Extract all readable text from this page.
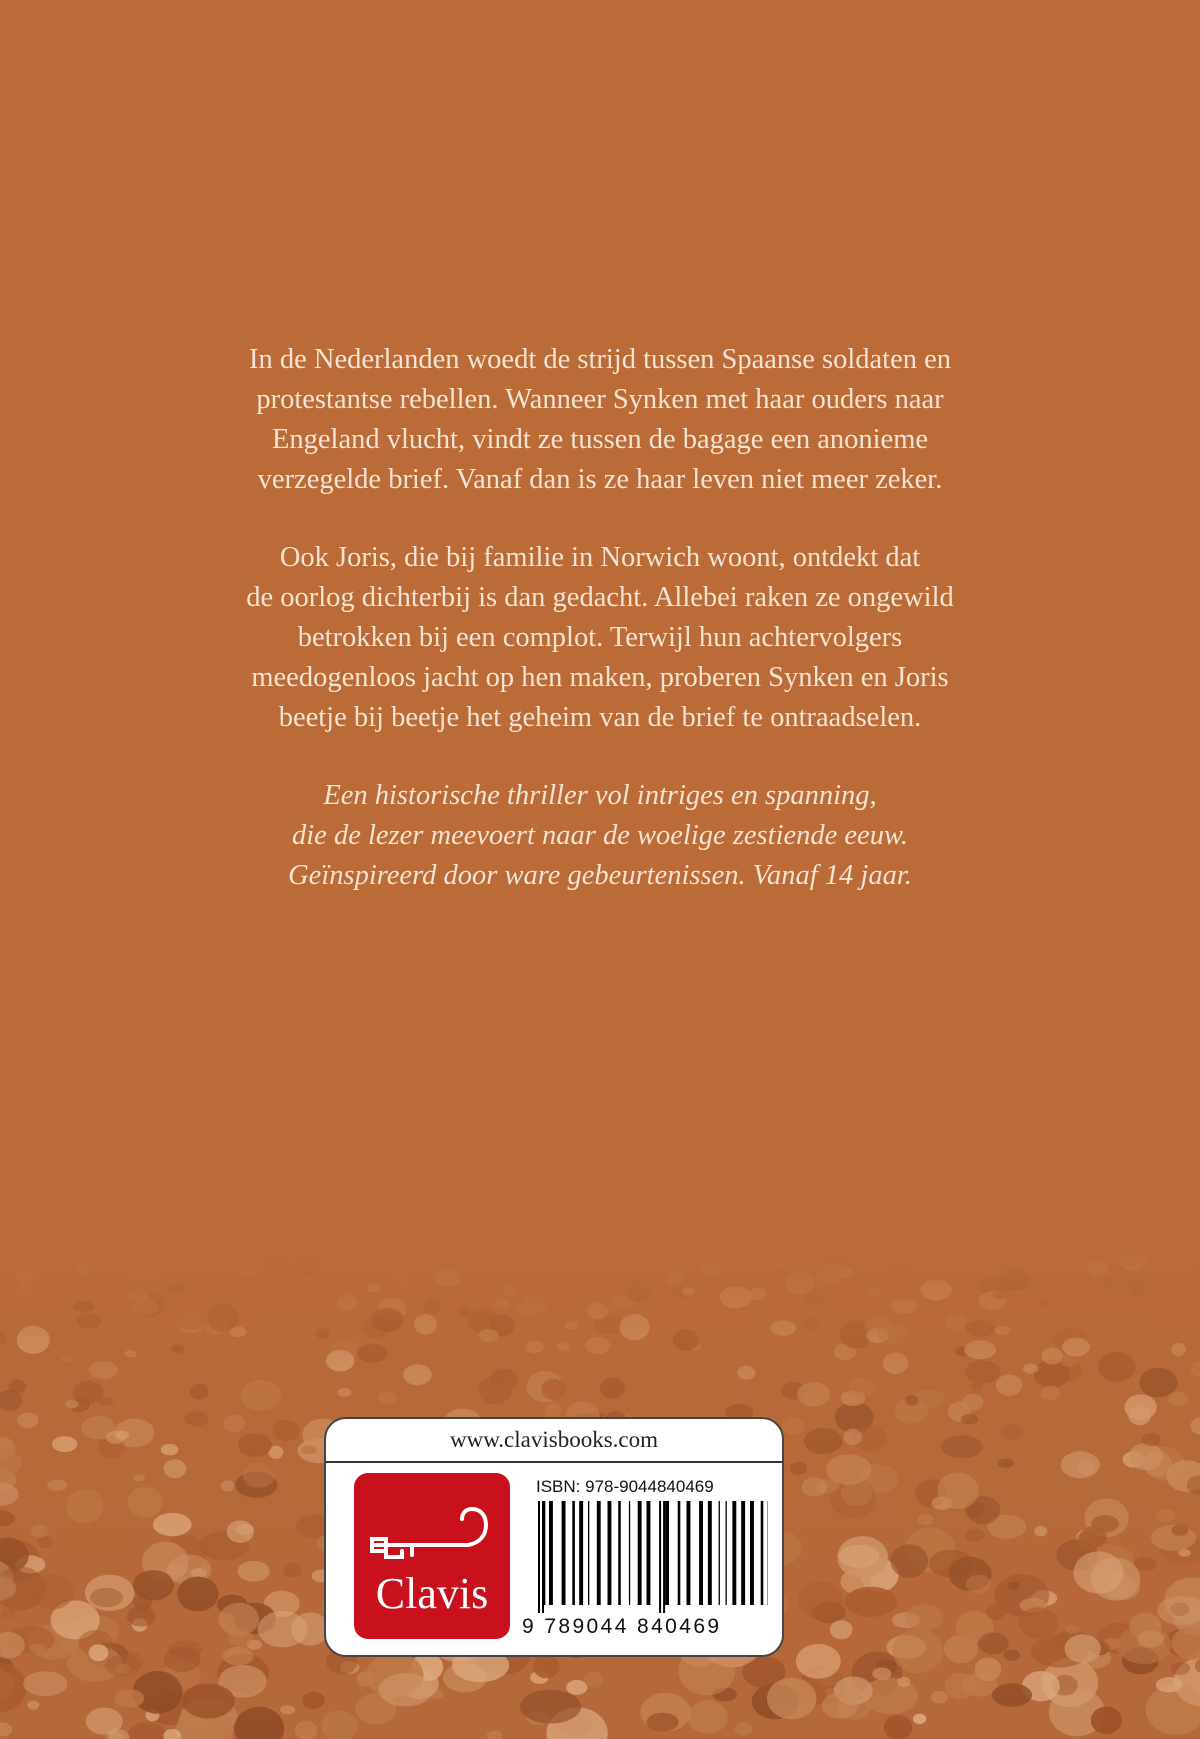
In de Nederlanden woedt de strijd tussen Spaanse soldaten en
protestantse rebellen. Wanneer Synken met haar ouders naar
Engeland vlucht, vindt ze tussen de bagage een anonieme
verzegelde brief. Vanaf dan is ze haar leven niet meer zeker.

Ook Joris, die bij familie in Norwich woont, ontdekt dat
de oorlog dichterbij is dan gedacht. Allebei raken ze ongewild
betrokken bij een complot. Terwijl hun achtervolgers
meedogenloos jacht op hen maken, proberen Synken en Joris
beetje bij beetje het geheim van de brief te ontraadselen.

Een historische thriller vol intriges en spanning,
die de lezer meevoert naar de woelige zestiende eeuw.
Geïnspireerd door ware gebeurtenissen. Vanaf 14 jaar.

www.clavisbooks.com
Clavis
ISBN: 978-9044840469
9 789044 840469
